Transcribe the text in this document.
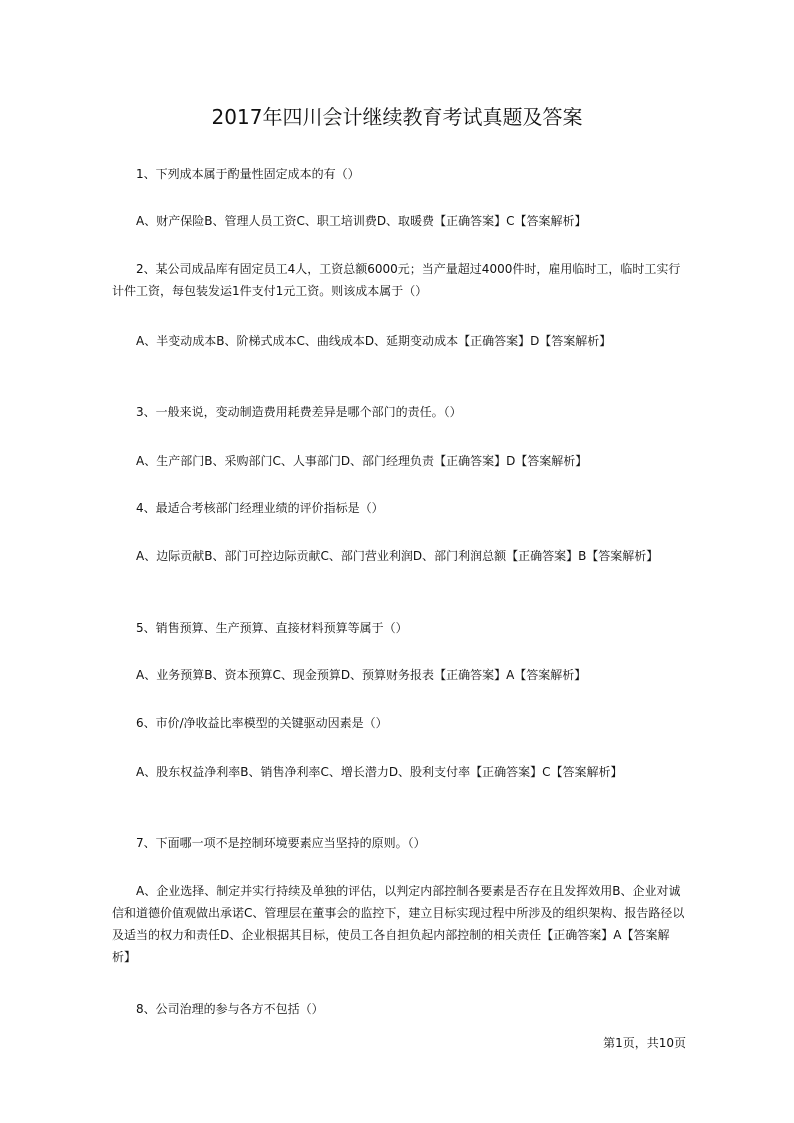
2017年四川会计继续教育考试真题及答案

1、下列成本属于酌量性固定成本的有（）

A、财产保险B、管理人员工资C、职工培训费D、取暖费【正确答案】C【答案解析】

2、某公司成品库有固定员工4人，工资总额6000元；当产量超过4000件时，雇用临时工，临时工实行计件工资，每包装发运1件支付1元工资。则该成本属于（）

A、半变动成本B、阶梯式成本C、曲线成本D、延期变动成本【正确答案】D【答案解析】

3、一般来说，变动制造费用耗费差异是哪个部门的责任。（）

A、生产部门B、采购部门C、人事部门D、部门经理负责【正确答案】D【答案解析】

4、最适合考核部门经理业绩的评价指标是（）

A、边际贡献B、部门可控边际贡献C、部门营业利润D、部门利润总额【正确答案】B【答案解析】

5、销售预算、生产预算、直接材料预算等属于（）

A、业务预算B、资本预算C、现金预算D、预算财务报表【正确答案】A【答案解析】

6、市价/净收益比率模型的关键驱动因素是（）

A、股东权益净利率B、销售净利率C、增长潜力D、股利支付率【正确答案】C【答案解析】

7、下面哪一项不是控制环境要素应当坚持的原则。（）

A、企业选择、制定并实行持续及单独的评估，以判定内部控制各要素是否存在且发挥效用B、企业对诚信和道德价值观做出承诺C、管理层在董事会的监控下，建立目标实现过程中所涉及的组织架构、报告路径以及适当的权力和责任D、企业根据其目标，使员工各自担负起内部控制的相关责任【正确答案】A【答案解析】

8、公司治理的参与各方不包括（）

第1页，共10页
